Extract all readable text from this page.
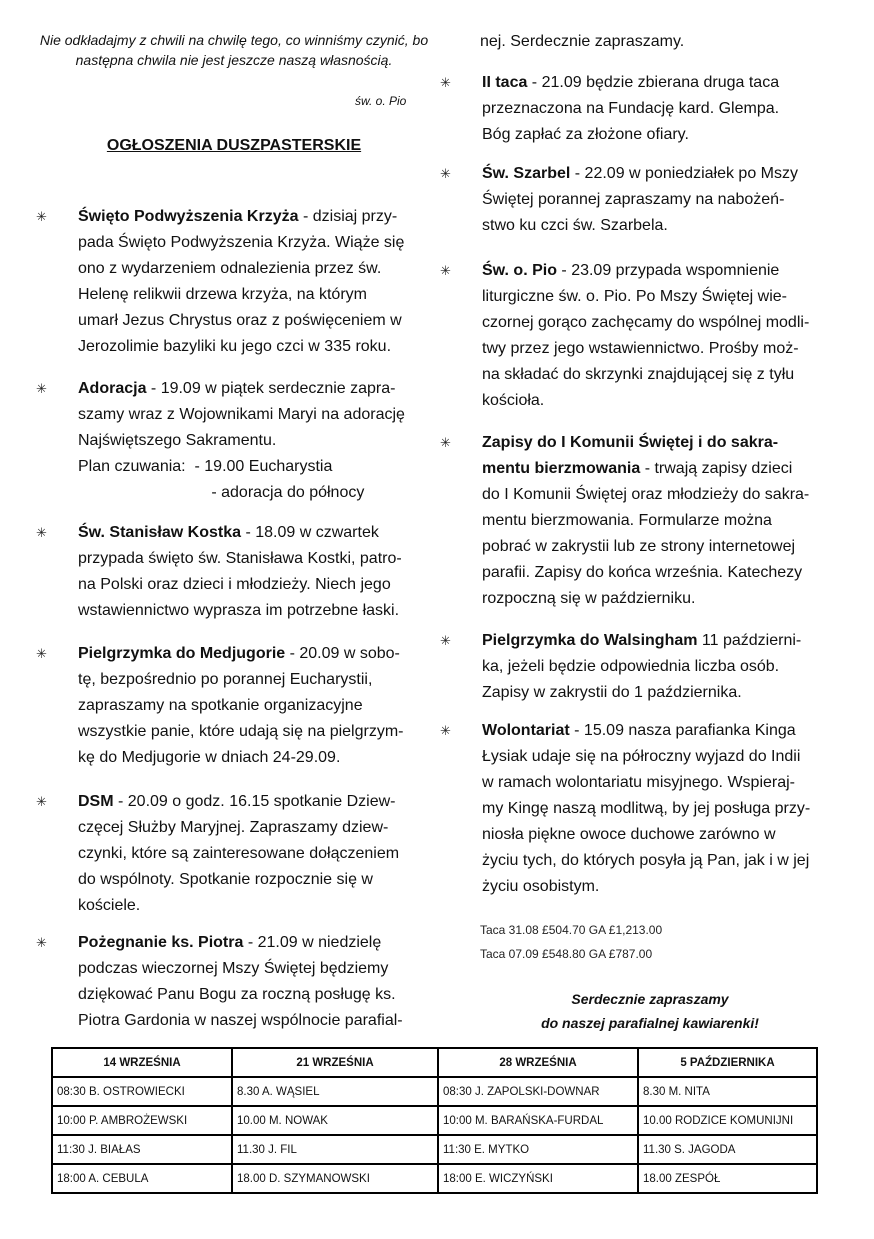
Nie odkładajmy z chwili na chwilę tego, co winniśmy czynić, bo następna chwila nie jest jeszcze naszą własnością.
św. o. Pio
OGŁOSZENIA DUSZPASTERSKIE
✳	Święto Podwyższenia Krzyża - dzisiaj przy-
pada Święto Podwyższenia Krzyża. Wiąże się
ono z wydarzeniem odnalezienia przez św.
Helenę relikwii drzewa krzyża, na którym
umarł Jezus Chrystus oraz z poświęceniem w
Jerozolimie bazyliki ku jego czci w 335 roku.
✳	Adoracja - 19.09 w piątek serdecznie zapra-
szamy wraz z Wojownikami Maryi na adorację
Najświętszego Sakramentu.
Plan czuwania:  - 19.00 Eucharystia
- adoracja do północy
✳	Św. Stanisław Kostka - 18.09 w czwartek
przypada święto św. Stanisława Kostki, patro-
na Polski oraz dzieci i młodzieży. Niech jego
wstawiennictwo wyprasza im potrzebne łaski.
✳	Pielgrzymka do Medjugorie - 20.09 w sobo-
tę, bezpośrednio po porannej Eucharystii,
zapraszamy na spotkanie organizacyjne
wszystkie panie, które udają się na pielgrzym-
kę do Medjugorie w dniach 24-29.09.
✳	DSM - 20.09 o godz. 16.15 spotkanie Dziew-
częcej Służby Maryjnej. Zapraszamy dziew-
czynki, które są zainteresowane dołączeniem
do wspólnoty. Spotkanie rozpocznie się w
kościele.
✳	Pożegnanie ks. Piotra - 21.09 w niedzielę
podczas wieczornej Mszy Świętej będziemy
dziękować Panu Bogu za roczną posługę ks.
Piotra Gardonia w naszej wspólnocie parafial-
nej. Serdecznie zapraszamy.
✳	II taca - 21.09 będzie zbierana druga taca
przeznaczona na Fundację kard. Glempa.
Bóg zapłać za złożone ofiary.
✳	Św. Szarbel - 22.09 w poniedziałek po Mszy
Świętej porannej zapraszamy na nabożeń-
stwo ku czci św. Szarbela.
✳	Św. o. Pio - 23.09 przypada wspomnienie
liturgiczne św. o. Pio. Po Mszy Świętej wie-
czornej gorąco zachęcamy do wspólnej modli-
twy przez jego wstawiennictwo. Prośby moż-
na składać do skrzynki znajdującej się z tyłu
kościoła.
✳	Zapisy do I Komunii Świętej i do sakra-
mentu bierzmowania - trwają zapisy dzieci
do I Komunii Świętej oraz młodzieży do sakra-
mentu bierzmowania. Formularze można
pobrać w zakrystii lub ze strony internetowej
parafii. Zapisy do końca września. Katechezy
rozpoczną się w październiku.
✳	Pielgrzymka do Walsingham 11 październi-
ka, jeżeli będzie odpowiednia liczba osób.
Zapisy w zakrystii do 1 października.
✳	Wolontariat - 15.09 nasza parafianka Kinga
Łysiak udaje się na półroczny wyjazd do Indii
w ramach wolontariatu misyjnego. Wspieraj-
my Kingę naszą modlitwą, by jej posługa przy-
niosła piękne owoce duchowe zarówno w
życiu tych, do których posyła ją Pan, jak i w jej
życiu osobistym.
Taca 31.08 £504.70 GA £1,213.00
Taca 07.09 £548.80 GA £787.00
Serdecznie zapraszamy
do naszej parafialnej kawiarenki!
14 WRZEŚNIA	21 WRZEŚNIA	28 WRZEŚNIA	5 PAŹDZIERNIKA
08:30 B. OSTROWIECKI	8.30 A. WĄSIEL	08:30 J. ZAPOLSKI-DOWNAR	8.30 M. NITA
10:00 P. AMBROŻEWSKI	10.00 M. NOWAK	10:00 M. BARAŃSKA-FURDAL	10.00 RODZICE KOMUNIJNI
11:30 J. BIAŁAS	11.30 J. FIL	11:30 E. MYTKO	11.30 S. JAGODA
18:00 A. CEBULA	18.00 D. SZYMANOWSKI	18:00 E. WICZYŃSKI	18.00 ZESPÓŁ
